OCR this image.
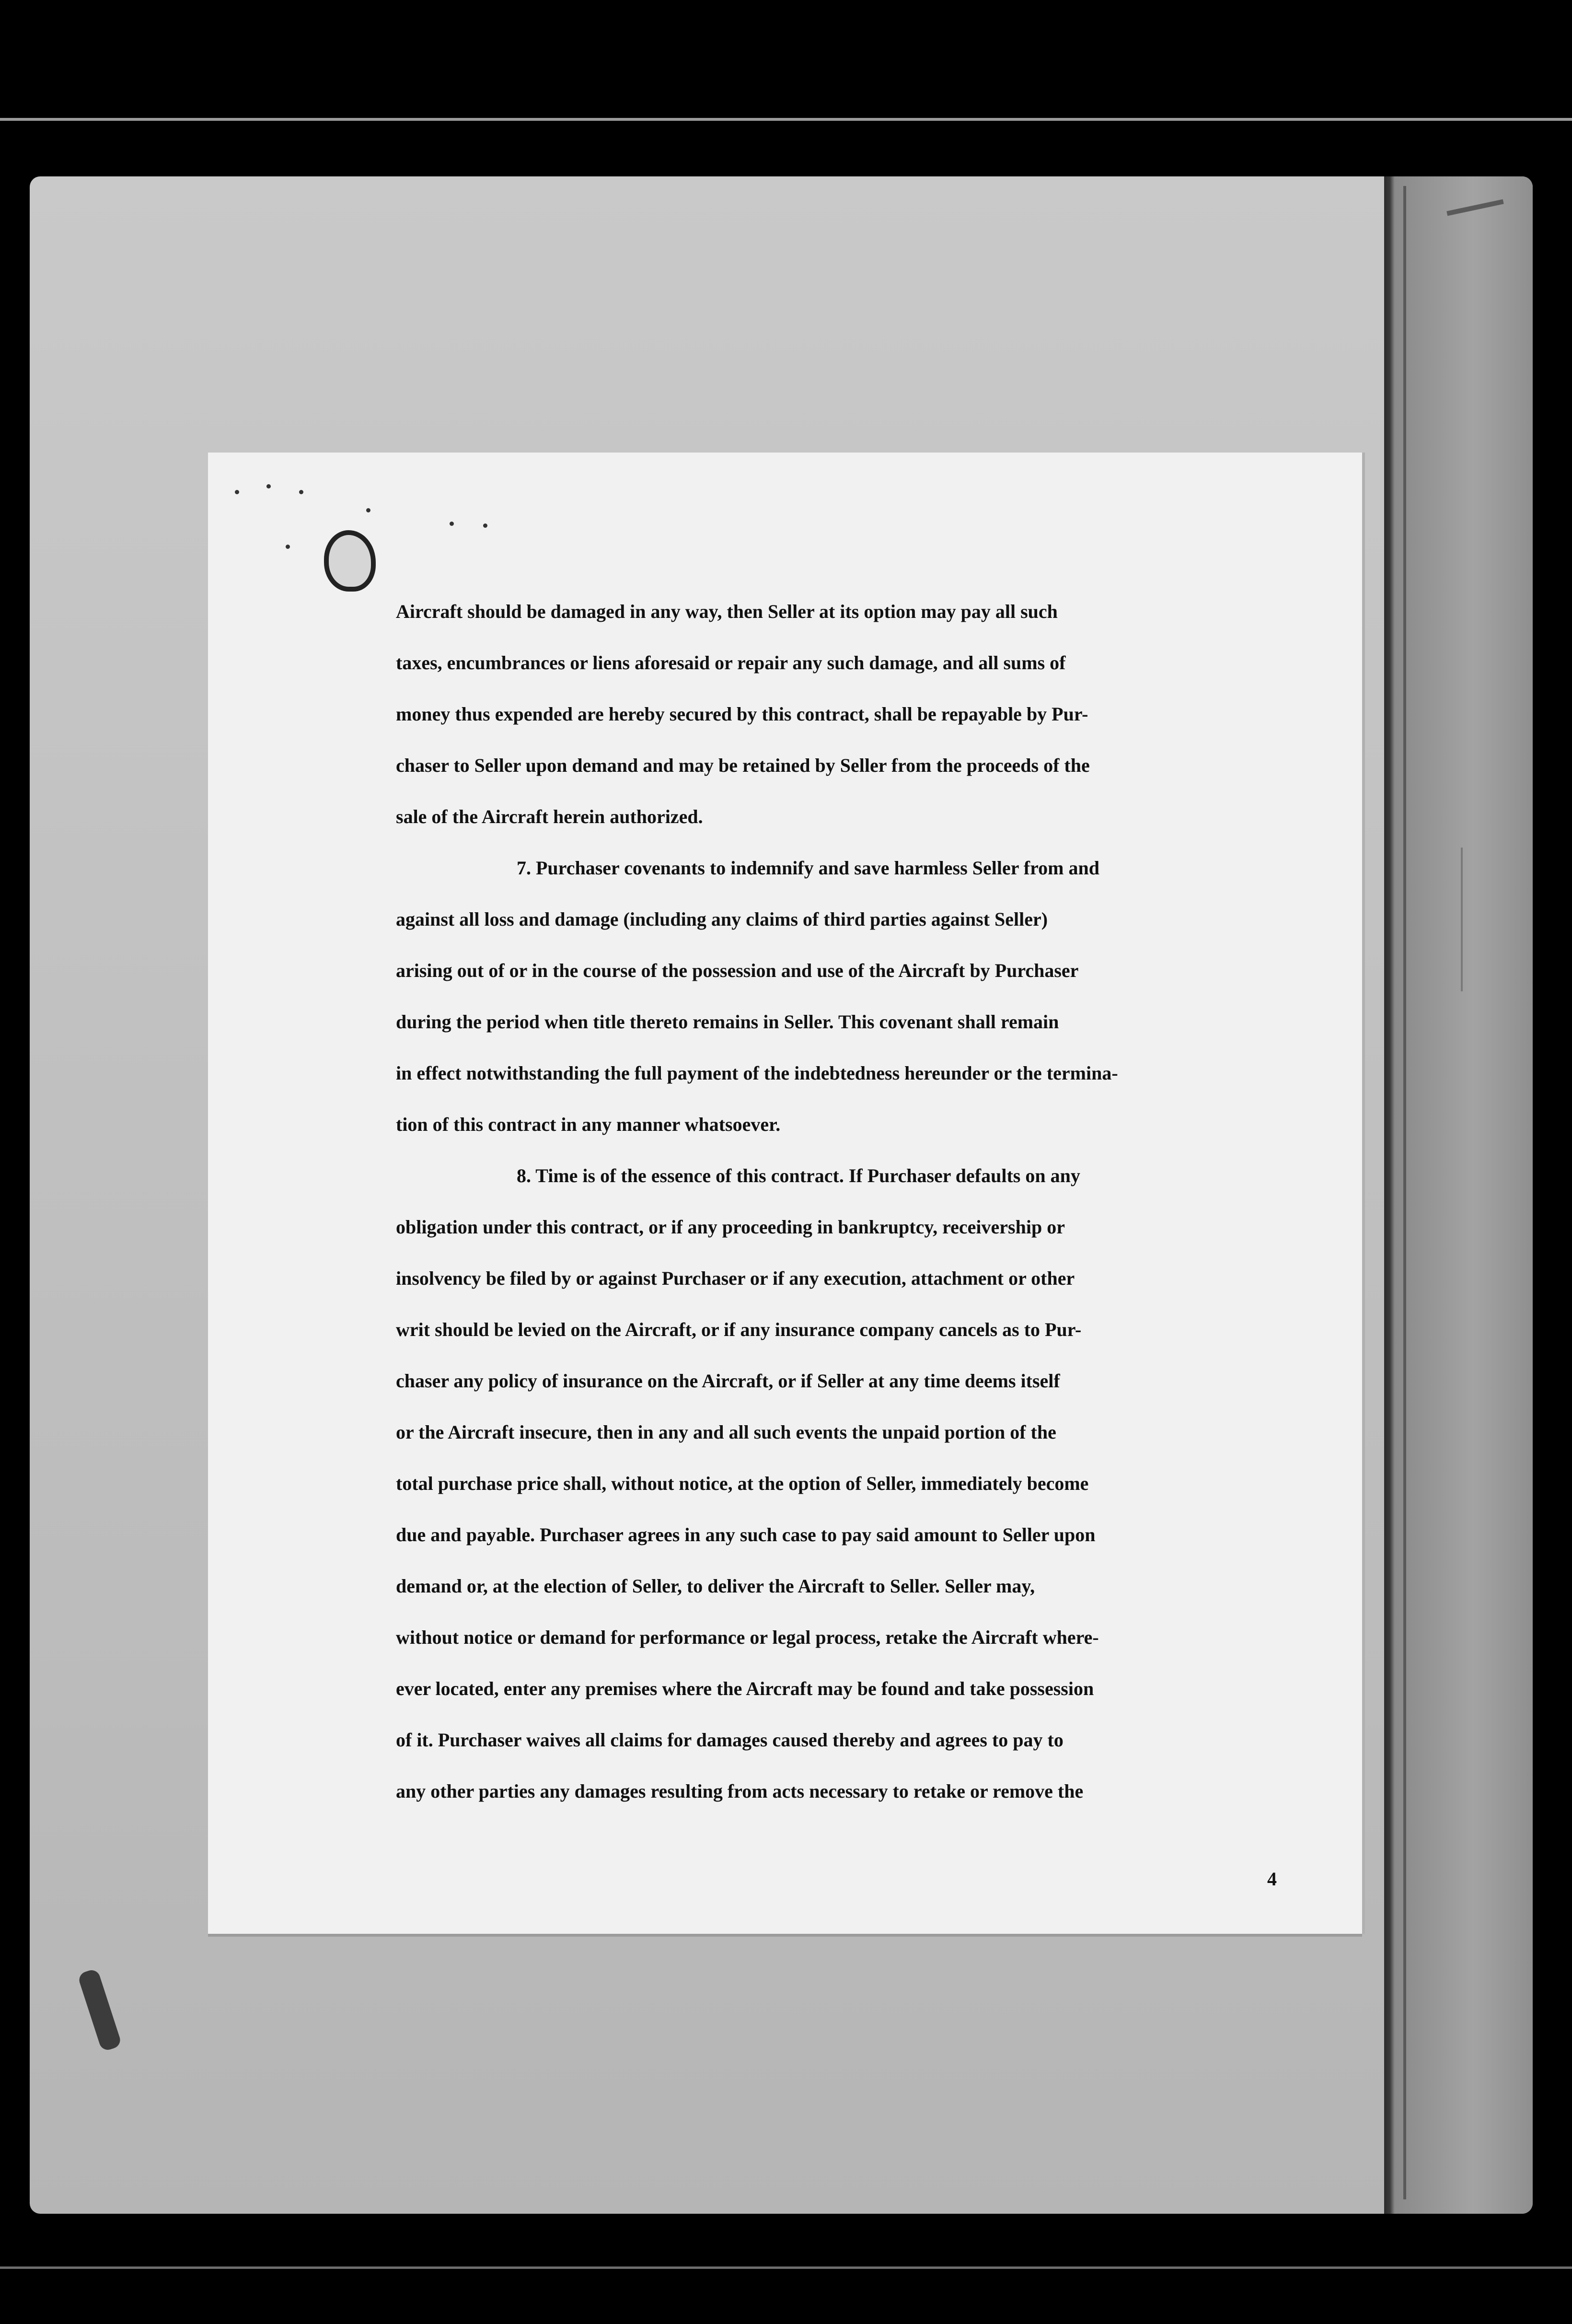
Aircraft should be damaged in any way, then Seller at its option may pay all such
taxes, encumbrances or liens aforesaid or repair any such damage, and all sums of
money thus expended are hereby secured by this contract, shall be repayable by Pur-
chaser to Seller upon demand and may be retained by Seller from the proceeds of the
sale of the Aircraft herein authorized.
7. Purchaser covenants to indemnify and save harmless Seller from and
against all loss and damage (including any claims of third parties against Seller)
arising out of or in the course of the possession and use of the Aircraft by Purchaser
during the period when title thereto remains in Seller. This covenant shall remain
in effect notwithstanding the full payment of the indebtedness hereunder or the termina-
tion of this contract in any manner whatsoever.
8. Time is of the essence of this contract. If Purchaser defaults on any
obligation under this contract, or if any proceeding in bankruptcy, receivership or
insolvency be filed by or against Purchaser or if any execution, attachment or other
writ should be levied on the Aircraft, or if any insurance company cancels as to Pur-
chaser any policy of insurance on the Aircraft, or if Seller at any time deems itself
or the Aircraft insecure, then in any and all such events the unpaid portion of the
total purchase price shall, without notice, at the option of Seller, immediately become
due and payable. Purchaser agrees in any such case to pay said amount to Seller upon
demand or, at the election of Seller, to deliver the Aircraft to Seller. Seller may,
without notice or demand for performance or legal process, retake the Aircraft where-
ever located, enter any premises where the Aircraft may be found and take possession
of it. Purchaser waives all claims for damages caused thereby and agrees to pay to
any other parties any damages resulting from acts necessary to retake or remove the
4
